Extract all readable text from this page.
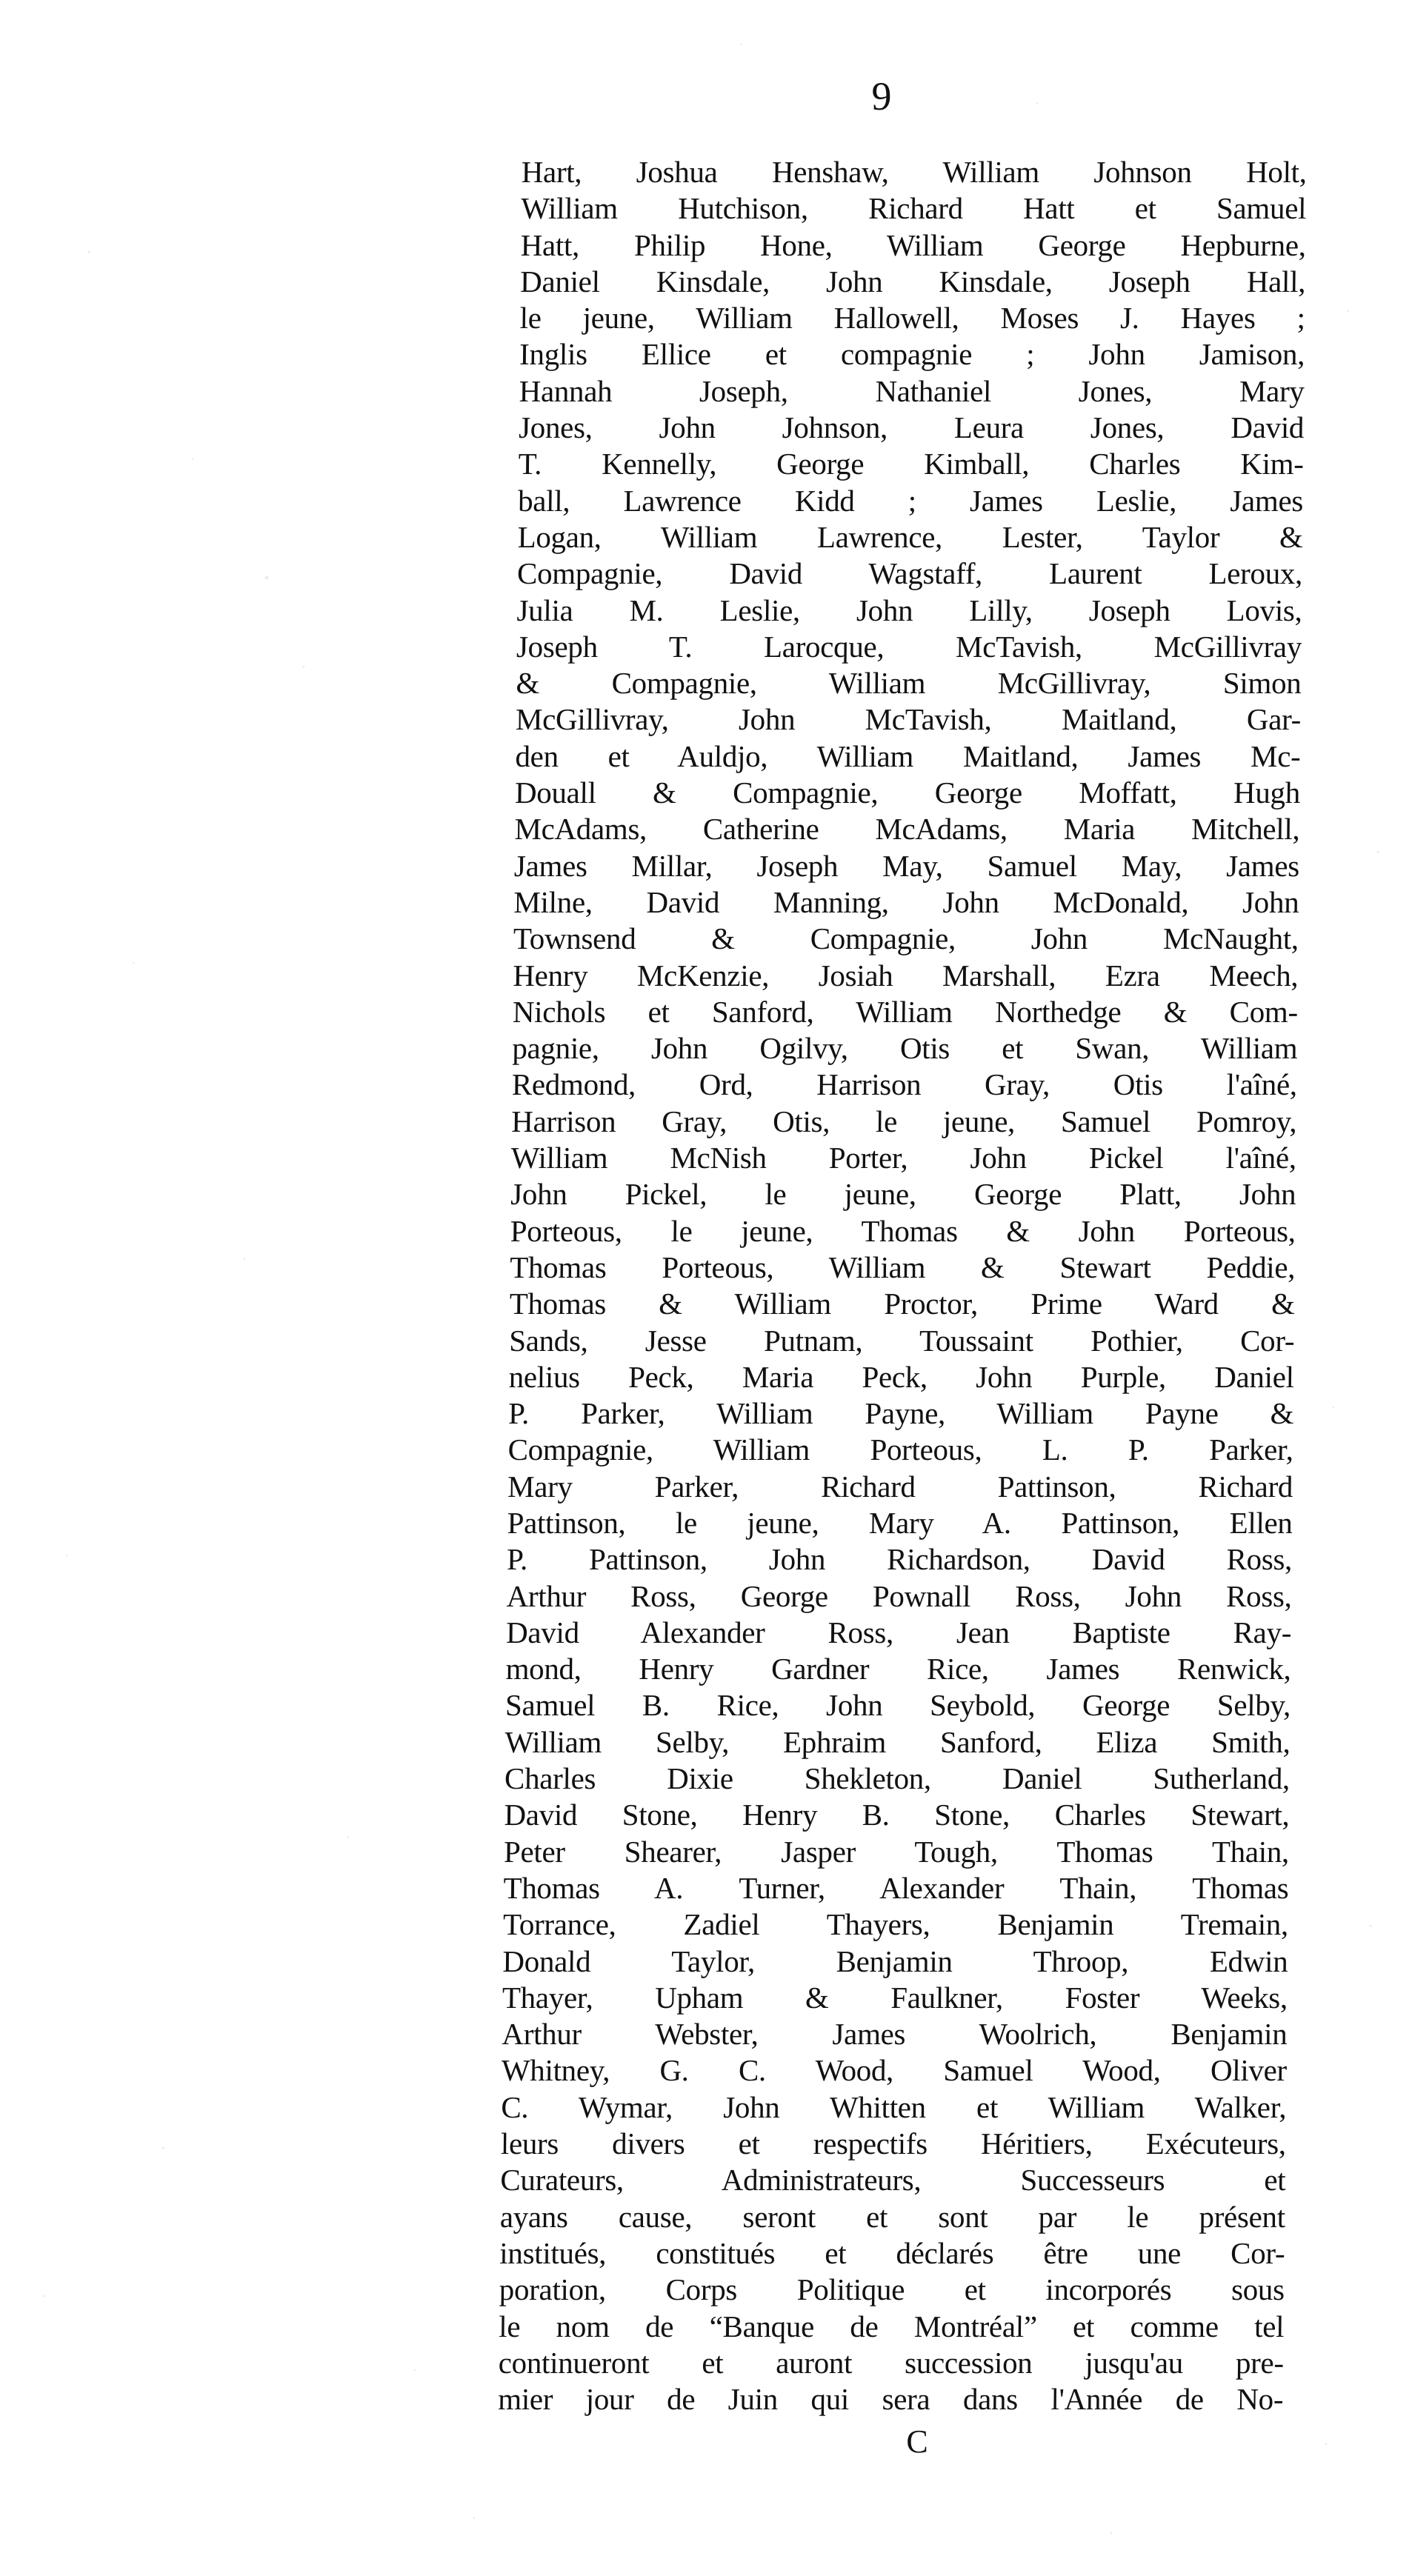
9
Hart, Joshua Henshaw, William Johnson Holt,
William Hutchison, Richard Hatt et Samuel
Hatt, Philip Hone, William George Hepburne,
Daniel Kinsdale, John Kinsdale, Joseph Hall,
le jeune, William Hallowell, Moses J. Hayes ;
Inglis Ellice et compagnie ; John Jamison,
Hannah Joseph, Nathaniel Jones, Mary
Jones, John Johnson, Leura Jones, David
T. Kennelly, George Kimball, Charles Kim-
ball, Lawrence Kidd ; James Leslie, James
Logan, William Lawrence, Lester, Taylor &
Compagnie, David Wagstaff, Laurent Leroux,
Julia M. Leslie, John Lilly, Joseph Lovis,
Joseph T. Larocque, McTavish, McGillivray
& Compagnie, William McGillivray, Simon
McGillivray, John McTavish, Maitland, Gar-
den et Auldjo, William Maitland, James Mc-
Douall & Compagnie, George Moffatt, Hugh
McAdams, Catherine McAdams, Maria Mitchell,
James Millar, Joseph May, Samuel May, James
Milne, David Manning, John McDonald, John
Townsend & Compagnie, John McNaught,
Henry McKenzie, Josiah Marshall, Ezra Meech,
Nichols et Sanford, William Northedge & Com-
pagnie, John Ogilvy, Otis et Swan, William
Redmond, Ord, Harrison Gray, Otis l'aîné,
Harrison Gray, Otis, le jeune, Samuel Pomroy,
William McNish Porter, John Pickel l'aîné,
John Pickel, le jeune, George Platt, John
Porteous, le jeune, Thomas & John Porteous,
Thomas Porteous, William & Stewart Peddie,
Thomas & William Proctor, Prime Ward &
Sands, Jesse Putnam, Toussaint Pothier, Cor-
nelius Peck, Maria Peck, John Purple, Daniel
P. Parker, William Payne, William Payne &
Compagnie, William Porteous, L. P. Parker,
Mary Parker, Richard Pattinson, Richard
Pattinson, le jeune, Mary A. Pattinson, Ellen
P. Pattinson, John Richardson, David Ross,
Arthur Ross, George Pownall Ross, John Ross,
David Alexander Ross, Jean Baptiste Ray-
mond, Henry Gardner Rice, James Renwick,
Samuel B. Rice, John Seybold, George Selby,
William Selby, Ephraim Sanford, Eliza Smith,
Charles Dixie Shekleton, Daniel Sutherland,
David Stone, Henry B. Stone, Charles Stewart,
Peter Shearer, Jasper Tough, Thomas Thain,
Thomas A. Turner, Alexander Thain, Thomas
Torrance, Zadiel Thayers, Benjamin Tremain,
Donald Taylor, Benjamin Throop, Edwin
Thayer, Upham & Faulkner, Foster Weeks,
Arthur Webster, James Woolrich, Benjamin
Whitney, G. C. Wood, Samuel Wood, Oliver
C. Wymar, John Whitten et William Walker,
leurs divers et respectifs Héritiers, Exécuteurs,
Curateurs, Administrateurs, Successeurs et
ayans cause, seront et sont par le présent
institués, constitués et déclarés être une Cor-
poration, Corps Politique et incorporés sous
le nom de “Banque de Montréal” et comme tel
continueront et auront succession jusqu'au pre-
mier jour de Juin qui sera dans l'Année de No-
C
